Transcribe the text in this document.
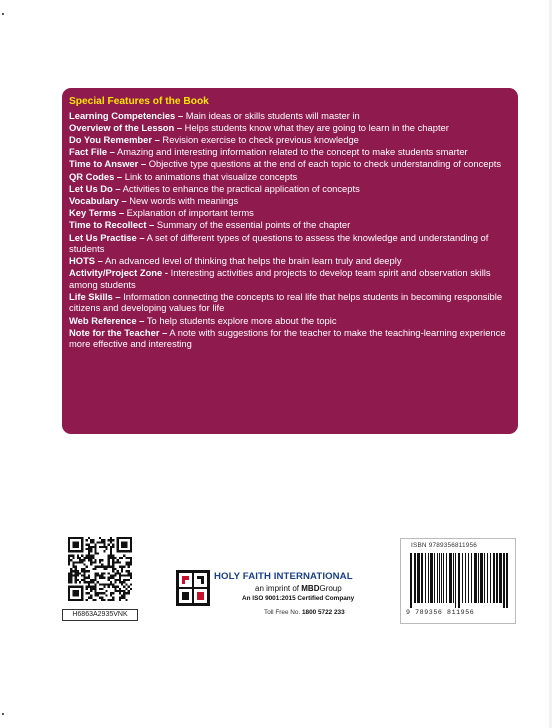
Special Features of the Book
Learning Competencies – Main ideas or skills students will master in
Overview of the Lesson – Helps students know what they are going to learn in the chapter
Do You Remember – Revision exercise to check previous knowledge
Fact File – Amazing and interesting information related to the concept to make students smarter
Time to Answer – Objective type questions at the end of each topic to check understanding of concepts
QR Codes – Link to animations that visualize concepts
Let Us Do – Activities to enhance the practical application of concepts
Vocabulary – New words with meanings
Key Terms – Explanation of important terms
Time to Recollect – Summary of the essential points of the chapter
Let Us Practise – A set of different types of questions to assess the knowledge and understanding of students
HOTS – An advanced level of thinking that helps the brain learn truly and deeply
Activity/Project Zone - Interesting activities and projects to develop team spirit and observation skills among students
Life Skills – Information connecting the concepts to real life that helps students in becoming responsible citizens and developing values for life
Web Reference – To help students explore more about the topic
Note for the Teacher – A note with suggestions for the teacher to make the teaching-learning experience more effective and interesting
H6863A2935VNK
HOLY FAITH INTERNATIONAL
an imprint of MBDGroup
An ISO 9001:2015 Certified Company
Toll Free No. 1800 5722 233
ISBN 9789356811956
9 789356 811956
